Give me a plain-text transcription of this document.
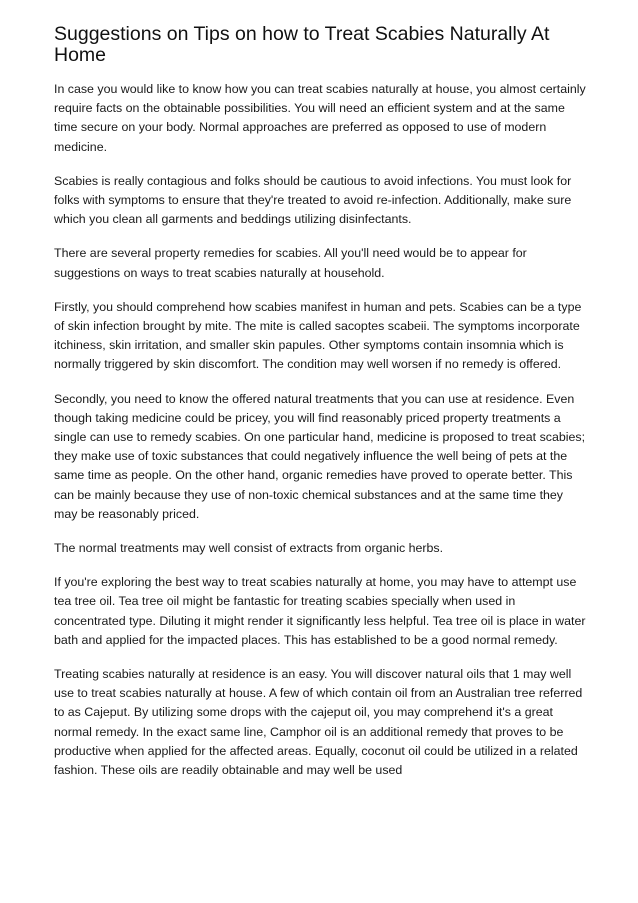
Suggestions on Tips on how to Treat Scabies Naturally At Home

In case you would like to know how you can treat scabies naturally at house, you almost certainly require facts on the obtainable possibilities. You will need an efficient system and at the same time secure on your body. Normal approaches are preferred as opposed to use of modern medicine.

Scabies is really contagious and folks should be cautious to avoid infections. You must look for folks with symptoms to ensure that they're treated to avoid re-infection. Additionally, make sure which you clean all garments and beddings utilizing disinfectants.

There are several property remedies for scabies. All you'll need would be to appear for suggestions on ways to treat scabies naturally at household.

Firstly, you should comprehend how scabies manifest in human and pets. Scabies can be a type of skin infection brought by mite. The mite is called sacoptes scabeii. The symptoms incorporate itchiness, skin irritation, and smaller skin papules. Other symptoms contain insomnia which is normally triggered by skin discomfort. The condition may well worsen if no remedy is offered.

Secondly, you need to know the offered natural treatments that you can use at residence. Even though taking medicine could be pricey, you will find reasonably priced property treatments a single can use to remedy scabies. On one particular hand, medicine is proposed to treat scabies; they make use of toxic substances that could negatively influence the well being of pets at the same time as people. On the other hand, organic remedies have proved to operate better. This can be mainly because they use of non-toxic chemical substances and at the same time they may be reasonably priced.

The normal treatments may well consist of extracts from organic herbs.

If you're exploring the best way to treat scabies naturally at home, you may have to attempt use tea tree oil. Tea tree oil might be fantastic for treating scabies specially when used in concentrated type. Diluting it might render it significantly less helpful. Tea tree oil is place in water bath and applied for the impacted places. This has established to be a good normal remedy.

Treating scabies naturally at residence is an easy. You will discover natural oils that 1 may well use to treat scabies naturally at house. A few of which contain oil from an Australian tree referred to as Cajeput. By utilizing some drops with the cajeput oil, you may comprehend it's a great normal remedy. In the exact same line, Camphor oil is an additional remedy that proves to be productive when applied for the affected areas. Equally, coconut oil could be utilized in a related fashion. These oils are readily obtainable and may well be used
